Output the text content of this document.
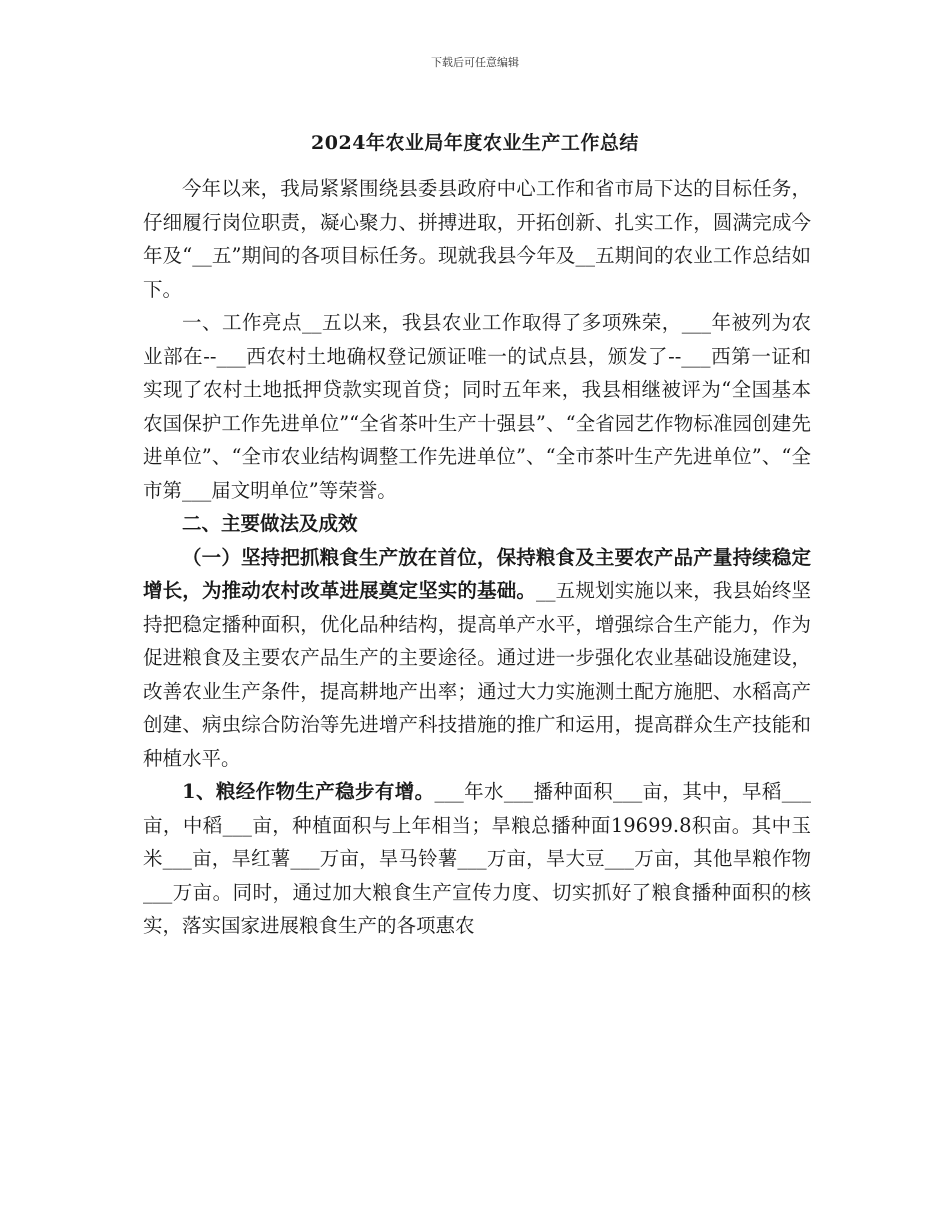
下载后可任意编辑
2024年农业局年度农业生产工作总结

今年以来，我局紧紧围绕县委县政府中心工作和省市局下达的目标任务，仔细履行岗位职责，凝心聚力、拼搏进取，开拓创新、扎实工作，圆满完成今年及“__五”期间的各项目标任务。现就我县今年及__五期间的农业工作总结如下。

一、工作亮点__五以来，我县农业工作取得了多项殊荣，___年被列为农业部在--___西农村土地确权登记颁证唯一的试点县，颁发了--___西第一证和实现了农村土地抵押贷款实现首贷；同时五年来，我县相继被评为“全国基本农国保护工作先进单位”“全省茶叶生产十强县”、“全省园艺作物标准园创建先进单位”、“全市农业结构调整工作先进单位”、“全市茶叶生产先进单位”、“全市第___届文明单位”等荣誉。

二、主要做法及成效

（一）坚持把抓粮食生产放在首位，保持粮食及主要农产品产量持续稳定增长，为推动农村改革进展奠定坚实的基础。__五规划实施以来，我县始终坚持把稳定播种面积，优化品种结构，提高单产水平，增强综合生产能力，作为促进粮食及主要农产品生产的主要途径。通过进一步强化农业基础设施建设，改善农业生产条件，提高耕地产出率；通过大力实施测土配方施肥、水稻高产创建、病虫综合防治等先进增产科技措施的推广和运用，提高群众生产技能和种植水平。

1、粮经作物生产稳步有增。___年水___播种面积___亩，其中，早稻___亩，中稻___亩，种植面积与上年相当；旱粮总播种面19699.8积亩。其中玉米___亩，旱红薯___万亩，旱马铃薯___万亩，旱大豆___万亩，其他旱粮作物___万亩。同时，通过加大粮食生产宣传力度、切实抓好了粮食播种面积的核实，落实国家进展粮食生产的各项惠农
